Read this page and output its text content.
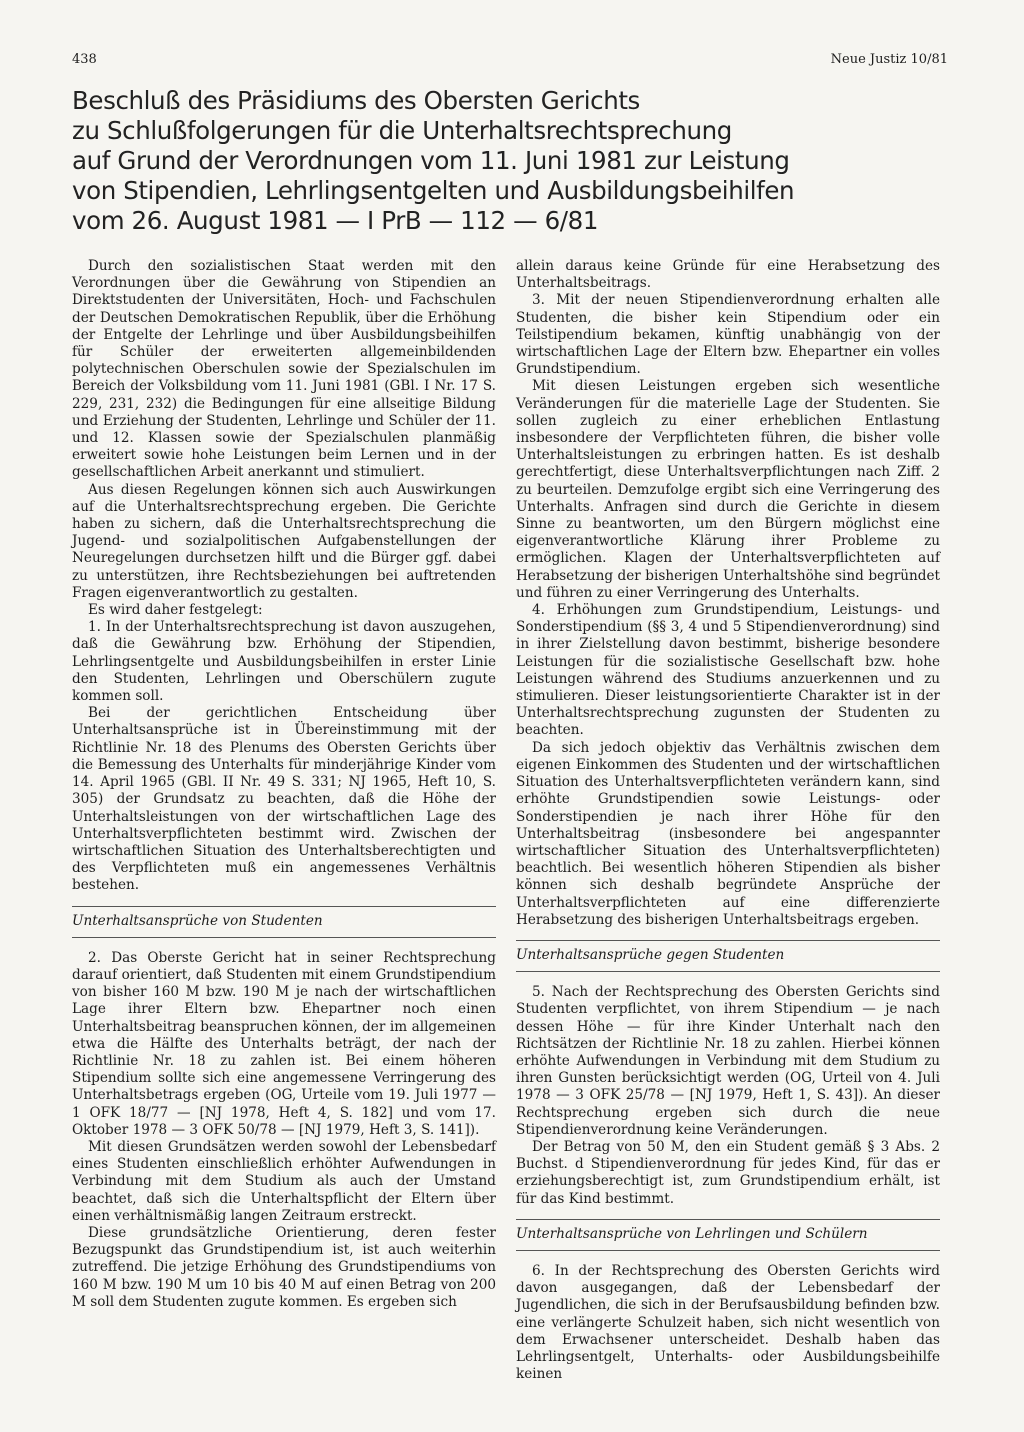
438	Neue Justiz 10/81
Beschluß des Präsidiums des Obersten Gerichts
zu Schlußfolgerungen für die Unterhaltsrechtsprechung
auf Grund der Verordnungen vom 11. Juni 1981 zur Leistung
von Stipendien, Lehrlingsentgelten und Ausbildungsbeihilfen
vom 26. August 1981 — I PrB — 112 — 6/81

Durch den sozialistischen Staat werden mit den Verordnungen über die Gewährung von Stipendien an Direktstudenten der Universitäten, Hoch- und Fachschulen der Deutschen Demokratischen Republik, über die Erhöhung der Entgelte der Lehrlinge und über Ausbildungsbeihilfen für Schüler der erweiterten allgemeinbildenden polytechnischen Oberschulen sowie der Spezialschulen im Bereich der Volksbildung vom 11. Juni 1981 (GBl. I Nr. 17 S. 229, 231, 232) die Bedingungen für eine allseitige Bildung und Erziehung der Studenten, Lehrlinge und Schüler der 11. und 12. Klassen sowie der Spezialschulen planmäßig erweitert sowie hohe Leistungen beim Lernen und in der gesellschaftlichen Arbeit anerkannt und stimuliert.

Aus diesen Regelungen können sich auch Auswirkungen auf die Unterhaltsrechtsprechung ergeben. Die Gerichte haben zu sichern, daß die Unterhaltsrechtsprechung die Jugend- und sozialpolitischen Aufgabenstellungen der Neuregelungen durchsetzen hilft und die Bürger ggf. dabei zu unterstützen, ihre Rechtsbeziehungen bei auftretenden Fragen eigenverantwortlich zu gestalten.

Es wird daher festgelegt:

1. In der Unterhaltsrechtsprechung ist davon auszugehen, daß die Gewährung bzw. Erhöhung der Stipendien, Lehrlingsentgelte und Ausbildungsbeihilfen in erster Linie den Studenten, Lehrlingen und Oberschülern zugute kommen soll.

Bei der gerichtlichen Entscheidung über Unterhaltsansprüche ist in Übereinstimmung mit der Richtlinie Nr. 18 des Plenums des Obersten Gerichts über die Bemessung des Unterhalts für minderjährige Kinder vom 14. April 1965 (GBl. II Nr. 49 S. 331; NJ 1965, Heft 10, S. 305) der Grundsatz zu beachten, daß die Höhe der Unterhaltsleistungen von der wirtschaftlichen Lage des Unterhaltsverpflichteten bestimmt wird. Zwischen der wirtschaftlichen Situation des Unterhaltsberechtigten und des Verpflichteten muß ein angemessenes Verhältnis bestehen.

Unterhaltsansprüche von Studenten

2. Das Oberste Gericht hat in seiner Rechtsprechung darauf orientiert, daß Studenten mit einem Grundstipendium von bisher 160 M bzw. 190 M je nach der wirtschaftlichen Lage ihrer Eltern bzw. Ehepartner noch einen Unterhaltsbeitrag beanspruchen können, der im allgemeinen etwa die Hälfte des Unterhalts beträgt, der nach der Richtlinie Nr. 18 zu zahlen ist. Bei einem höheren Stipendium sollte sich eine angemessene Verringerung des Unterhaltsbetrags ergeben (OG, Urteile vom 19. Juli 1977 — 1 OFK 18/77 — [NJ 1978, Heft 4, S. 182] und vom 17. Oktober 1978 — 3 OFK 50/78 — [NJ 1979, Heft 3, S. 141]).

Mit diesen Grundsätzen werden sowohl der Lebensbedarf eines Studenten einschließlich erhöhter Aufwendungen in Verbindung mit dem Studium als auch der Umstand beachtet, daß sich die Unterhaltspflicht der Eltern über einen verhältnismäßig langen Zeitraum erstreckt.

Diese grundsätzliche Orientierung, deren fester Bezugspunkt das Grundstipendium ist, ist auch weiterhin zutreffend. Die jetzige Erhöhung des Grundstipendiums von 160 M bzw. 190 M um 10 bis 40 M auf einen Betrag von 200 M soll dem Studenten zugute kommen. Es ergeben sich

allein daraus keine Gründe für eine Herabsetzung des Unterhaltsbeitrags.

3. Mit der neuen Stipendienverordnung erhalten alle Studenten, die bisher kein Stipendium oder ein Teilstipendium bekamen, künftig unabhängig von der wirtschaftlichen Lage der Eltern bzw. Ehepartner ein volles Grundstipendium.

Mit diesen Leistungen ergeben sich wesentliche Veränderungen für die materielle Lage der Studenten. Sie sollen zugleich zu einer erheblichen Entlastung insbesondere der Verpflichteten führen, die bisher volle Unterhaltsleistungen zu erbringen hatten. Es ist deshalb gerechtfertigt, diese Unterhaltsverpflichtungen nach Ziff. 2 zu beurteilen. Demzufolge ergibt sich eine Verringerung des Unterhalts. Anfragen sind durch die Gerichte in diesem Sinne zu beantworten, um den Bürgern möglichst eine eigenverantwortliche Klärung ihrer Probleme zu ermöglichen. Klagen der Unterhaltsverpflichteten auf Herabsetzung der bisherigen Unterhaltshöhe sind begründet und führen zu einer Verringerung des Unterhalts.

4. Erhöhungen zum Grundstipendium, Leistungs- und Sonderstipendium (§§ 3, 4 und 5 Stipendienverordnung) sind in ihrer Zielstellung davon bestimmt, bisherige besondere Leistungen für die sozialistische Gesellschaft bzw. hohe Leistungen während des Studiums anzuerkennen und zu stimulieren. Dieser leistungsorientierte Charakter ist in der Unterhaltsrechtsprechung zugunsten der Studenten zu beachten.

Da sich jedoch objektiv das Verhältnis zwischen dem eigenen Einkommen des Studenten und der wirtschaftlichen Situation des Unterhaltsverpflichteten verändern kann, sind erhöhte Grundstipendien sowie Leistungs- oder Sonderstipendien je nach ihrer Höhe für den Unterhaltsbeitrag (insbesondere bei angespannter wirtschaftlicher Situation des Unterhaltsverpflichteten) beachtlich. Bei wesentlich höheren Stipendien als bisher können sich deshalb begründete Ansprüche der Unterhaltsverpflichteten auf eine differenzierte Herabsetzung des bisherigen Unterhaltsbeitrags ergeben.

Unterhaltsansprüche gegen Studenten

5. Nach der Rechtsprechung des Obersten Gerichts sind Studenten verpflichtet, von ihrem Stipendium — je nach dessen Höhe — für ihre Kinder Unterhalt nach den Richtsätzen der Richtlinie Nr. 18 zu zahlen. Hierbei können erhöhte Aufwendungen in Verbindung mit dem Studium zu ihren Gunsten berücksichtigt werden (OG, Urteil von 4. Juli 1978 — 3 OFK 25/78 — [NJ 1979, Heft 1, S. 43]). An dieser Rechtsprechung ergeben sich durch die neue Stipendienverordnung keine Veränderungen.

Der Betrag von 50 M, den ein Student gemäß § 3 Abs. 2 Buchst. d Stipendienverordnung für jedes Kind, für das er erziehungsberechtigt ist, zum Grundstipendium erhält, ist für das Kind bestimmt.

Unterhaltsansprüche von Lehrlingen und Schülern

6. In der Rechtsprechung des Obersten Gerichts wird davon ausgegangen, daß der Lebensbedarf der Jugendlichen, die sich in der Berufsausbildung befinden bzw. eine verlängerte Schulzeit haben, sich nicht wesentlich von dem Erwachsener unterscheidet. Deshalb haben das Lehrlingsentgelt, Unterhalts- oder Ausbildungsbeihilfe keinen
